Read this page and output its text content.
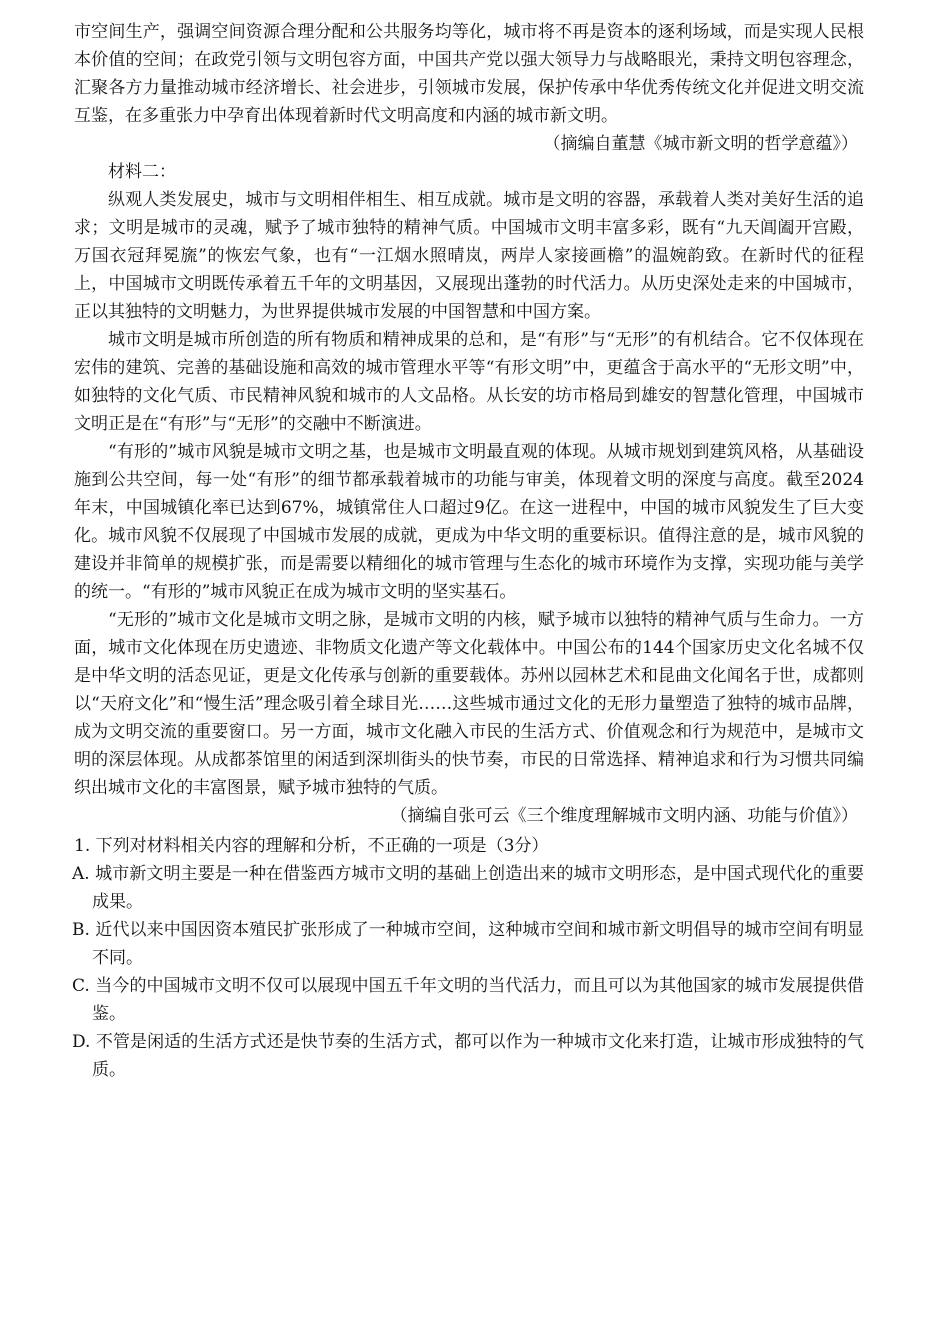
市空间生产，强调空间资源合理分配和公共服务均等化，城市将不再是资本的逐利场域，而是实现人民根本价值的空间；在政党引领与文明包容方面，中国共产党以强大领导力与战略眼光，秉持文明包容理念，汇聚各方力量推动城市经济增长、社会进步，引领城市发展，保护传承中华优秀传统文化并促进文明交流互鉴，在多重张力中孕育出体现着新时代文明高度和内涵的城市新文明。

（摘编自董慧《城市新文明的哲学意蕴》）

材料二：

纵观人类发展史，城市与文明相伴相生、相互成就。城市是文明的容器，承载着人类对美好生活的追求；文明是城市的灵魂，赋予了城市独特的精神气质。中国城市文明丰富多彩，既有“九天阊阖开宫殿，万国衣冠拜冕旒”的恢宏气象，也有“一江烟水照晴岚，两岸人家接画檐”的温婉韵致。在新时代的征程上，中国城市文明既传承着五千年的文明基因，又展现出蓬勃的时代活力。从历史深处走来的中国城市，正以其独特的文明魅力，为世界提供城市发展的中国智慧和中国方案。

城市文明是城市所创造的所有物质和精神成果的总和，是“有形”与“无形”的有机结合。它不仅体现在宏伟的建筑、完善的基础设施和高效的城市管理水平等“有形文明”中，更蕴含于高水平的“无形文明”中，如独特的文化气质、市民精神风貌和城市的人文品格。从长安的坊市格局到雄安的智慧化管理，中国城市文明正是在“有形”与“无形”的交融中不断演进。

“有形的”城市风貌是城市文明之基，也是城市文明最直观的体现。从城市规划到建筑风格，从基础设施到公共空间，每一处“有形”的细节都承载着城市的功能与审美，体现着文明的深度与高度。截至2024年末，中国城镇化率已达到67%，城镇常住人口超过9亿。在这一进程中，中国的城市风貌发生了巨大变化。城市风貌不仅展现了中国城市发展的成就，更成为中华文明的重要标识。值得注意的是，城市风貌的建设并非简单的规模扩张，而是需要以精细化的城市管理与生态化的城市环境作为支撑，实现功能与美学的统一。“有形的”城市风貌正在成为城市文明的坚实基石。

“无形的”城市文化是城市文明之脉，是城市文明的内核，赋予城市以独特的精神气质与生命力。一方面，城市文化体现在历史遗迹、非物质文化遗产等文化载体中。中国公布的144个国家历史文化名城不仅是中华文明的活态见证，更是文化传承与创新的重要载体。苏州以园林艺术和昆曲文化闻名于世，成都则以“天府文化”和“慢生活”理念吸引着全球目光……这些城市通过文化的无形力量塑造了独特的城市品牌，成为文明交流的重要窗口。另一方面，城市文化融入市民的生活方式、价值观念和行为规范中，是城市文明的深层体现。从成都茶馆里的闲适到深圳街头的快节奏，市民的日常选择、精神追求和行为习惯共同编织出城市文化的丰富图景，赋予城市独特的气质。

（摘编自张可云《三个维度理解城市文明内涵、功能与价值》）

1. 下列对材料相关内容的理解和分析，不正确的一项是（3分）

A. 城市新文明主要是一种在借鉴西方城市文明的基础上创造出来的城市文明形态，是中国式现代化的重要成果。

B. 近代以来中国因资本殖民扩张形成了一种城市空间，这种城市空间和城市新文明倡导的城市空间有明显不同。

C. 当今的中国城市文明不仅可以展现中国五千年文明的当代活力，而且可以为其他国家的城市发展提供借鉴。

D. 不管是闲适的生活方式还是快节奏的生活方式，都可以作为一种城市文化来打造，让城市形成独特的气质。
